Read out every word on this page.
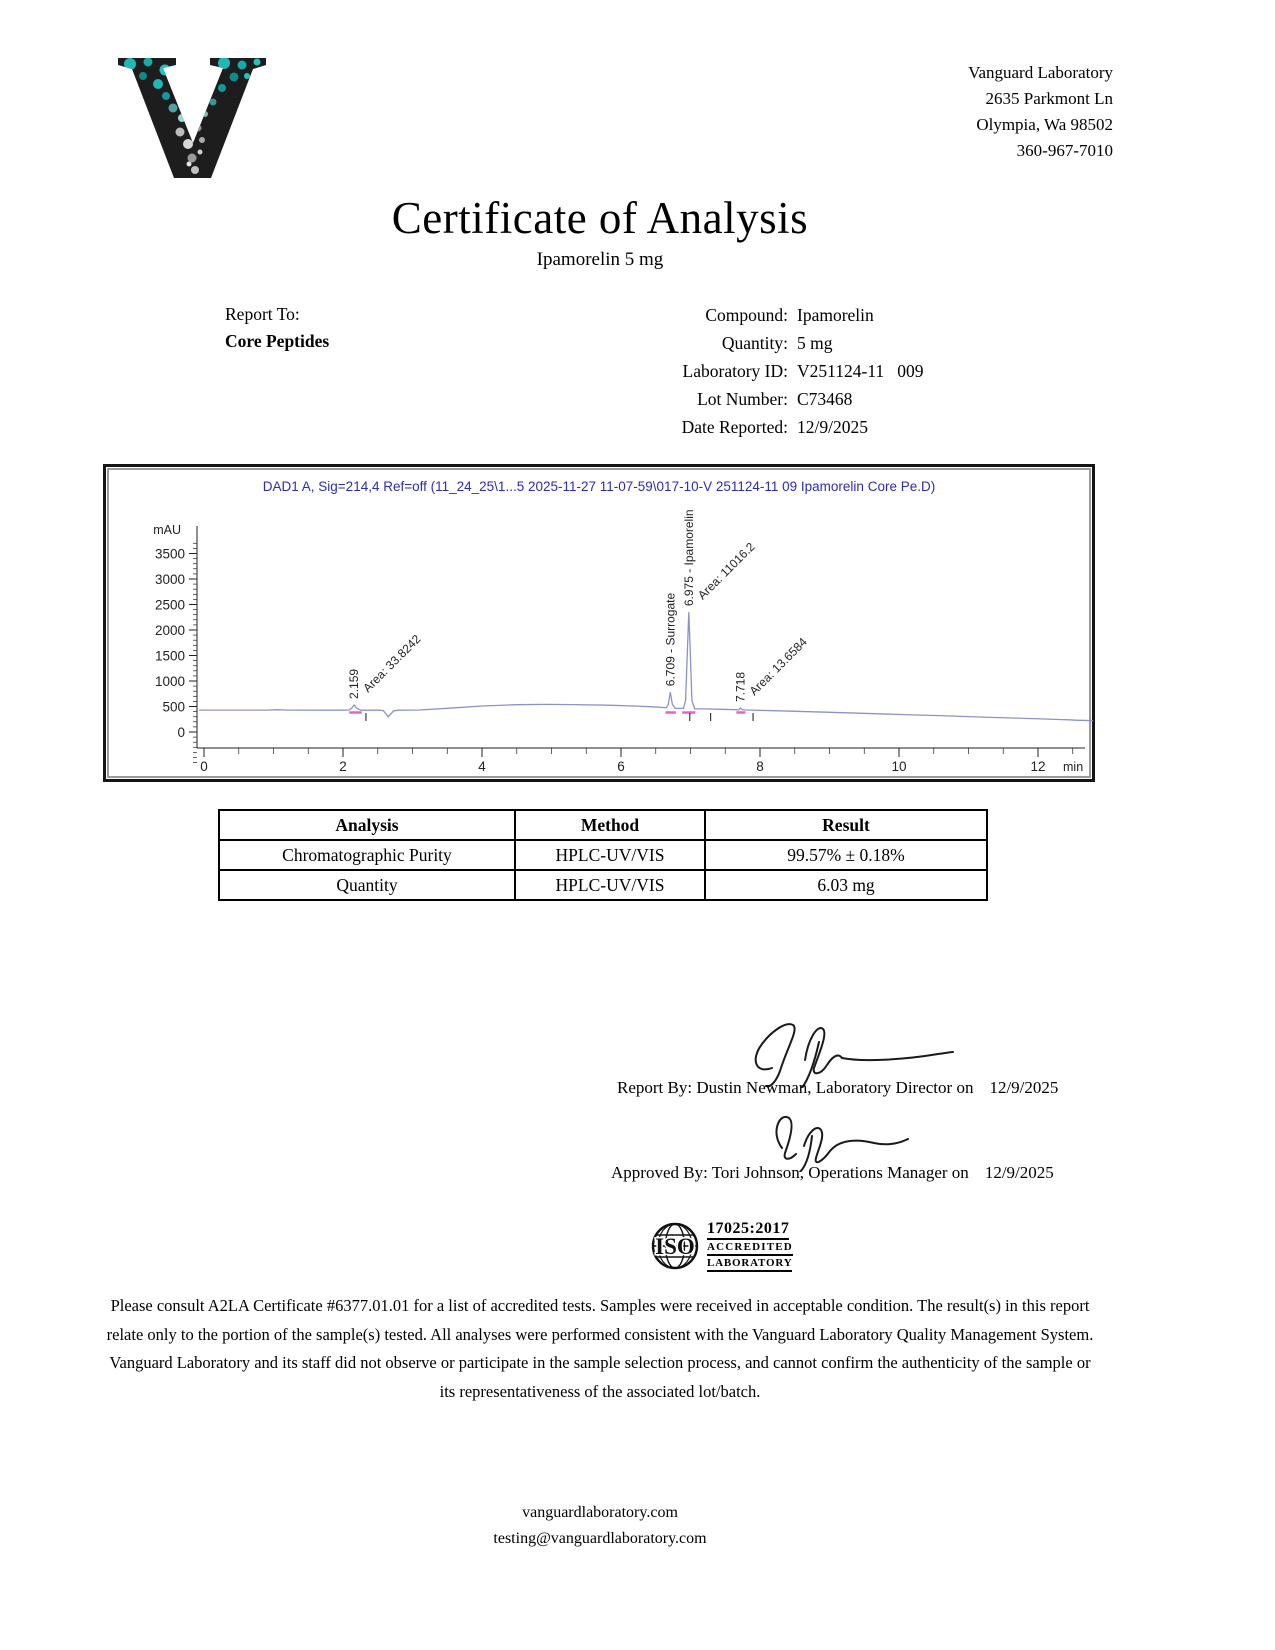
Vanguard Laboratory
2635 Parkmont Ln
Olympia, Wa 98502
360-967-7010
Certificate of Analysis
Ipamorelin 5 mg
Report To:
Core Peptides
Compound: Ipamorelin
Quantity: 5 mg
Laboratory ID: V251124-11   009
Lot Number: C73468
Date Reported: 12/9/2025
0
500
1000
1500
2000
2500
3000
3500
mAU
0	2	4	6	8	10	12 min
2.159 Area: 33.8242	6.709 - Surrogate
6.975 - Ipamorelin Area: 11016.2
7.718 Area: 13.6584
DAD1 A, Sig=214,4 Ref=off (11_24_25\1...5 2025-11-27 11-07-59\017-10-V 251124-11 09 Ipamorelin Core Pe.D)
Analysis	Method	Result
Chromatographic Purity	HPLC-UV/VIS	99.57% ± 0.18%
Quantity	HPLC-UV/VIS	6.03 mg
Report By: Dustin Newman, Laboratory Director on 12/9/2025
Approved By: Tori Johnson, Operations Manager on 12/9/2025
ISO
17025:2017
ACCREDITED
LABORATORY
Please consult A2LA Certificate #6377.01.01 for a list of accredited tests. Samples were received in acceptable condition. The result(s) in this report relate only to the portion of the sample(s) tested. All analyses were performed consistent with the Vanguard Laboratory Quality Management System. Vanguard Laboratory and its staff did not observe or participate in the sample selection process, and cannot confirm the authenticity of the sample or its representativeness of the associated lot/batch.
vanguardlaboratory.com
testing@vanguardlaboratory.com
